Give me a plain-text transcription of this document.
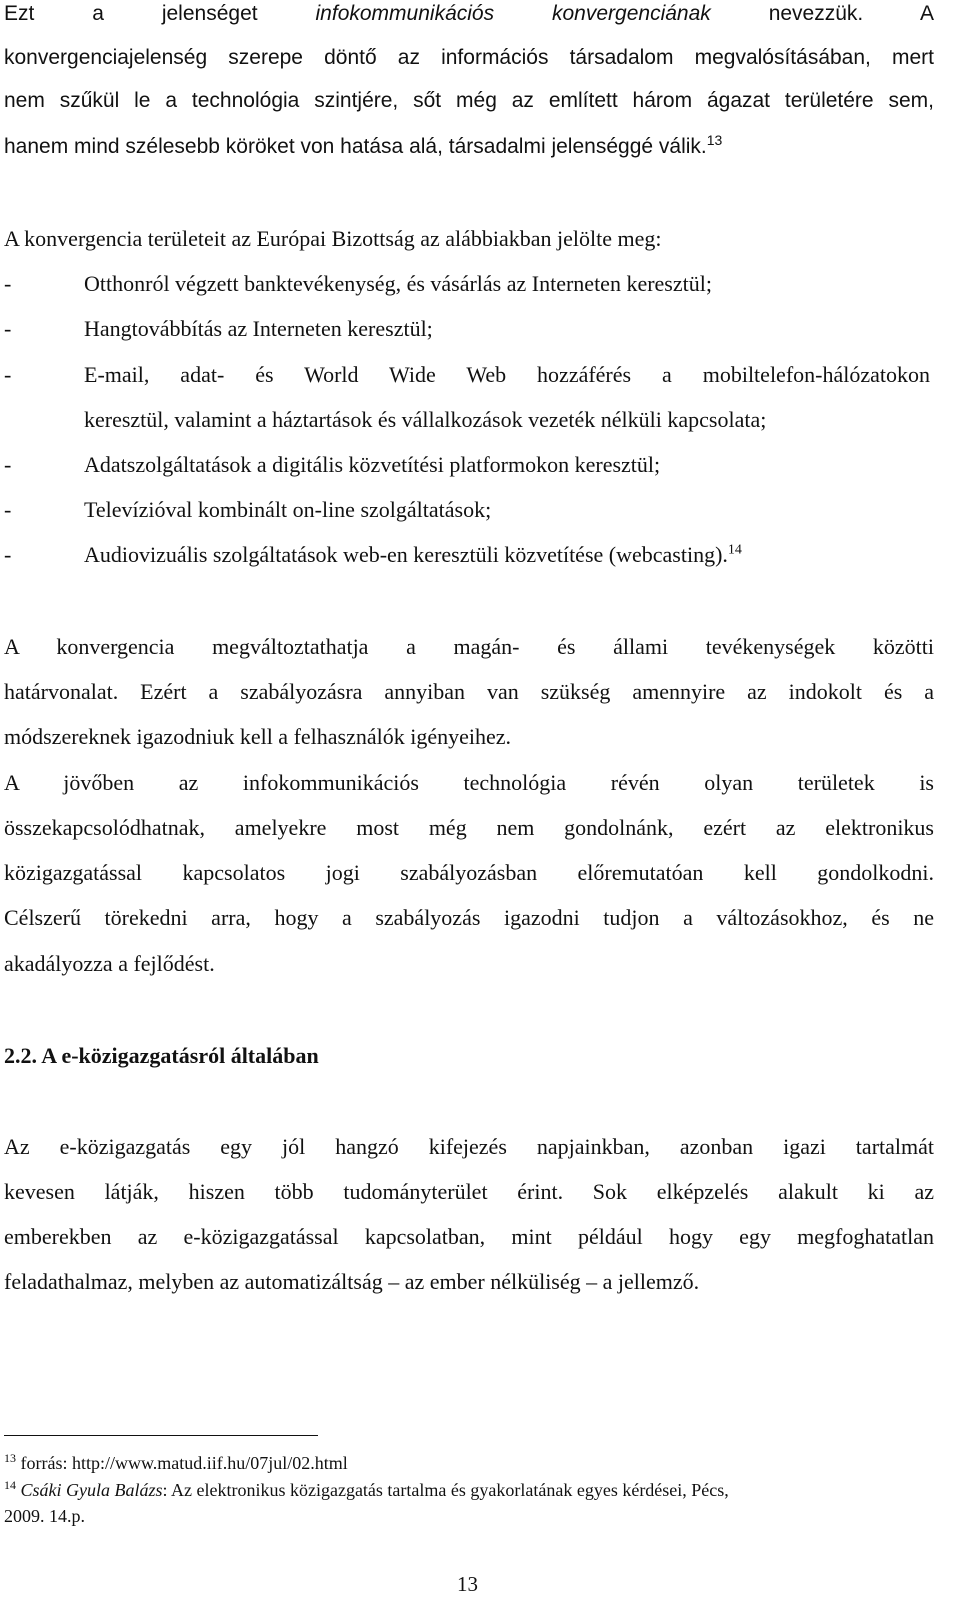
Ezt a jelenséget	infokommunikációs konvergenciának	nevezzük. A
konvergenciajelenség szerepe döntő az információs társadalom megvalósításában, mert
nem szűkül le a technológia szintjére, sőt még az említett három ágazat területére sem,
hanem mind szélesebb köröket von hatása alá, társadalmi jelenséggé válik.$^{13}$
A konvergencia területeit az Európai Bizottság az alábbiakban jelölte meg:
-	Otthonról végzett banktevékenység, és vásárlás az Interneten keresztül;
-	Hangtovábbítás az Interneten keresztül;
-	E-mail, adat- és World Wide Web hozzáférés a mobiltelefon-hálózatokon
keresztül, valamint a háztartások és vállalkozások vezeték nélküli kapcsolata;
-	Adatszolgáltatások a digitális közvetítési platformokon keresztül;
-	Televízióval kombinált on-line szolgáltatások;
-	Audiovizuális szolgáltatások web-en keresztüli közvetítése (webcasting).$^{14}$
A konvergencia megváltoztathatja a magán- és állami tevékenységek közötti
határvonalat. Ezért a szabályozásra annyiban van szükség amennyire az indokolt és a
módszereknek igazodniuk kell a felhasználók igényeihez.
A jövőben az infokommunikációs technológia révén olyan területek is
összekapcsolódhatnak, amelyekre most még nem gondolnánk, ezért az elektronikus
közigazgatással kapcsolatos jogi szabályozásban előremutatóan kell gondolkodni.
Célszerű törekedni arra, hogy a szabályozás igazodni tudjon a változásokhoz, és ne
akadályozza a fejlődést.
2.2. A e-közigazgatásról általában
Az e-közigazgatás egy jól hangzó kifejezés napjainkban, azonban igazi tartalmát
kevesen látják, hiszen több tudományterület érint. Sok elképzelés alakult ki az
emberekben az e-közigazgatással kapcsolatban, mint például hogy egy megfoghatatlan
feladathalmaz, melyben az automatizáltság – az ember nélküliség – a jellemző.
$^{13}$ forrás: http://www.matud.iif.hu/07jul/02.html
$^{14}$ Csáki Gyula Balázs: Az elektronikus közigazgatás tartalma és gyakorlatának egyes kérdései, Pécs,
2009. 14.p.
13
